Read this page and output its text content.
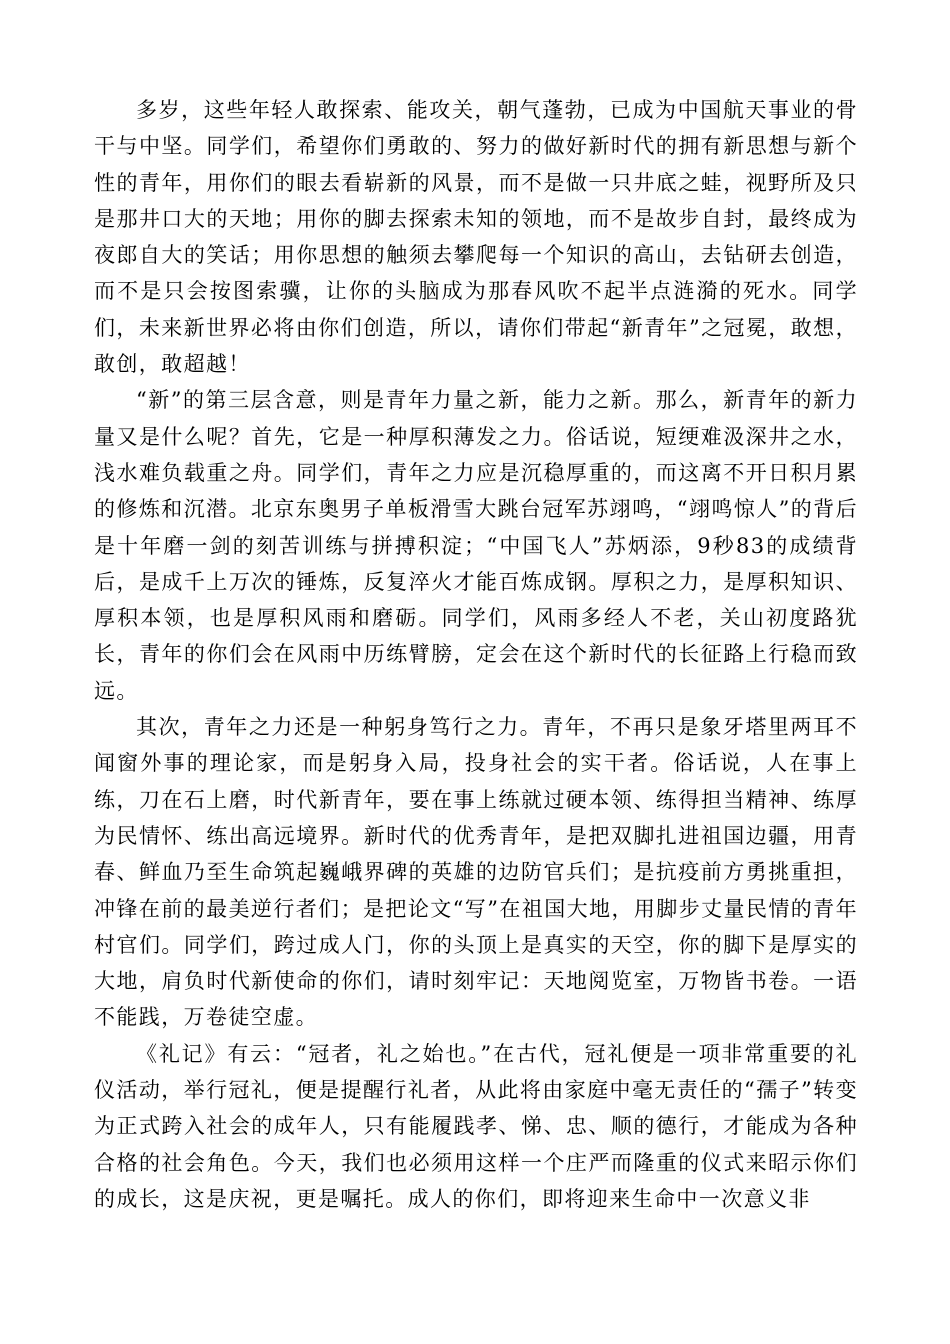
多岁，这些年轻人敢探索、能攻关，朝气蓬勃，已成为中国航天事业的骨干与中坚。同学们，希望你们勇敢的、努力的做好新时代的拥有新思想与新个性的青年，用你们的眼去看崭新的风景，而不是做一只井底之蛙，视野所及只是那井口大的天地；用你的脚去探索未知的领地，而不是故步自封，最终成为夜郎自大的笑话；用你思想的触须去攀爬每一个知识的高山，去钻研去创造，而不是只会按图索骥，让你的头脑成为那春风吹不起半点涟漪的死水。同学们，未来新世界必将由你们创造，所以，请你们带起“新青年”之冠冕，敢想，敢创，敢超越！

“新”的第三层含意，则是青年力量之新，能力之新。那么，新青年的新力量又是什么呢？首先，它是一种厚积薄发之力。俗话说，短绠难汲深井之水，浅水难负载重之舟。同学们，青年之力应是沉稳厚重的，而这离不开日积月累的修炼和沉潜。北京东奥男子单板滑雪大跳台冠军苏翊鸣，“翊鸣惊人”的背后是十年磨一剑的刻苦训练与拼搏积淀；“中国飞人”苏炳添，9秒83的成绩背后，是成千上万次的锤炼，反复淬火才能百炼成钢。厚积之力，是厚积知识、厚积本领，也是厚积风雨和磨砺。同学们，风雨多经人不老，关山初度路犹长，青年的你们会在风雨中历练臂膀，定会在这个新时代的长征路上行稳而致远。

其次，青年之力还是一种躬身笃行之力。青年，不再只是象牙塔里两耳不闻窗外事的理论家，而是躬身入局，投身社会的实干者。俗话说，人在事上练，刀在石上磨，时代新青年，要在事上练就过硬本领、练得担当精神、练厚为民情怀、练出高远境界。新时代的优秀青年，是把双脚扎进祖国边疆，用青春、鲜血乃至生命筑起巍峨界碑的英雄的边防官兵们；是抗疫前方勇挑重担，冲锋在前的最美逆行者们；是把论文“写”在祖国大地，用脚步丈量民情的青年村官们。同学们，跨过成人门，你的头顶上是真实的天空，你的脚下是厚实的大地，肩负时代新使命的你们，请时刻牢记：天地阅览室，万物皆书卷。一语不能践，万卷徒空虚。

《礼记》有云：“冠者，礼之始也。”在古代，冠礼便是一项非常重要的礼仪活动，举行冠礼，便是提醒行礼者，从此将由家庭中毫无责任的“孺子”转变为正式跨入社会的成年人，只有能履践孝、悌、忠、顺的德行，才能成为各种合格的社会角色。今天，我们也必须用这样一个庄严而隆重的仪式来昭示你们的成长，这是庆祝，更是嘱托。成人的你们，即将迎来生命中一次意义非
